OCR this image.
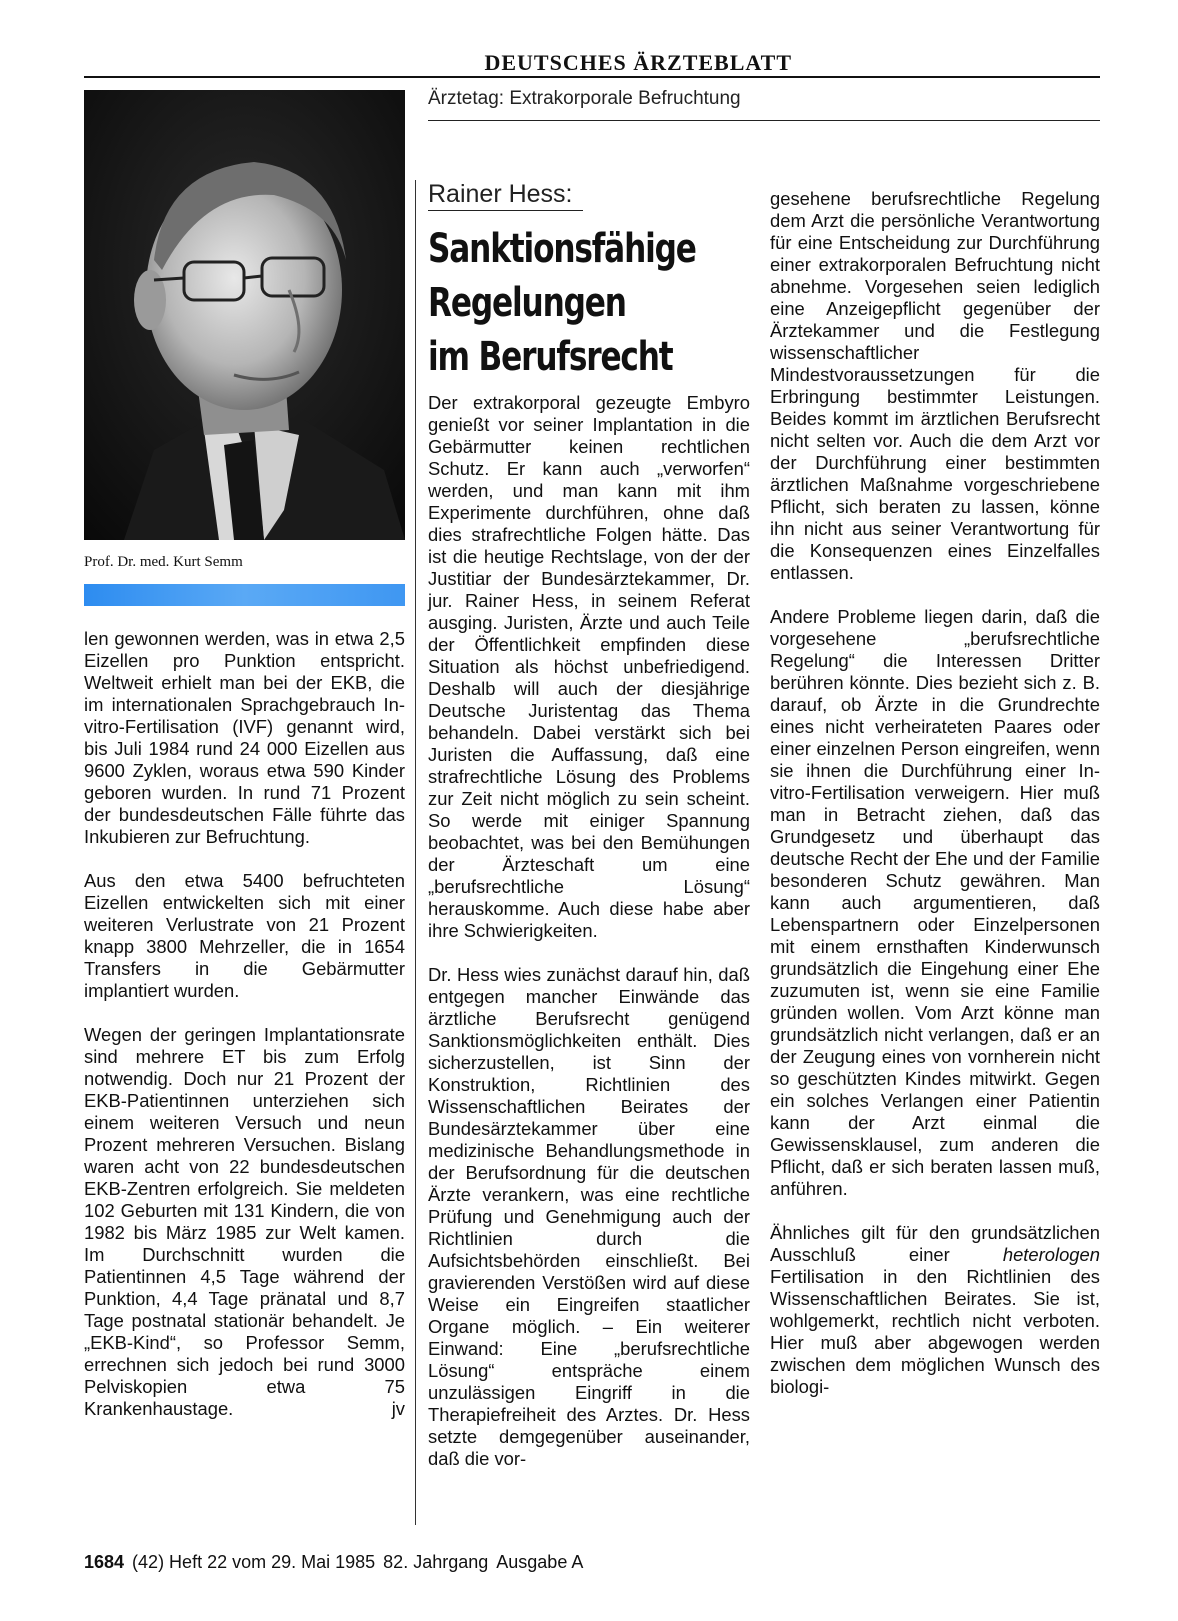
DEUTSCHES ÄRZTEBLATT
Ärztetag: Extrakorporale Befruchtung
Prof. Dr. med. Kurt Semm

len gewonnen werden, was in etwa 2,5 Eizellen pro Punktion entspricht. Weltweit erhielt man bei der EKB, die im internationalen Sprachgebrauch In-vitro-Fertilisation (IVF) genannt wird, bis Juli 1984 rund 24 000 Eizellen aus 9600 Zyklen, woraus etwa 590 Kinder geboren wurden. In rund 71 Prozent der bundesdeutschen Fälle führte das Inkubieren zur Befruchtung.

Aus den etwa 5400 befruchteten Eizellen entwickelten sich mit einer weiteren Verlustrate von 21 Prozent knapp 3800 Mehrzeller, die in 1654 Transfers in die Gebärmutter implantiert wurden.

Wegen der geringen Implantationsrate sind mehrere ET bis zum Erfolg notwendig. Doch nur 21 Prozent der EKB-Patientinnen unterziehen sich einem weiteren Versuch und neun Prozent mehreren Versuchen. Bislang waren acht von 22 bundesdeutschen EKB-Zentren erfolgreich. Sie meldeten 102 Geburten mit 131 Kindern, die von 1982 bis März 1985 zur Welt kamen. Im Durchschnitt wurden die Patientinnen 4,5 Tage während der Punktion, 4,4 Tage pränatal und 8,7 Tage postnatal stationär behandelt. Je „EKB-Kind“, so Professor Semm, errechnen sich jedoch bei rund 3000 Pelviskopien etwa 75 Krankenhaustage.	jv

Rainer Hess:
Sanktionsfähige
Regelungen
im Berufsrecht

Der extrakorporal gezeugte Embyro genießt vor seiner Implantation in die Gebärmutter keinen rechtlichen Schutz. Er kann auch „verworfen“ werden, und man kann mit ihm Experimente durchführen, ohne daß dies strafrechtliche Folgen hätte. Das ist die heutige Rechtslage, von der der Justitiar der Bundesärztekammer, Dr. jur. Rainer Hess, in seinem Referat ausging. Juristen, Ärzte und auch Teile der Öffentlichkeit empfinden diese Situation als höchst unbefriedigend. Deshalb will auch der diesjährige Deutsche Juristentag das Thema behandeln. Dabei verstärkt sich bei Juristen die Auffassung, daß eine strafrechtliche Lösung des Problems zur Zeit nicht möglich zu sein scheint. So werde mit einiger Spannung beobachtet, was bei den Bemühungen der Ärzteschaft um eine „berufsrechtliche Lösung“ herauskomme. Auch diese habe aber ihre Schwierigkeiten.

Dr. Hess wies zunächst darauf hin, daß entgegen mancher Einwände das ärztliche Berufsrecht genügend Sanktionsmöglichkeiten enthält. Dies sicherzustellen, ist Sinn der Konstruktion, Richtlinien des Wissenschaftlichen Beirates der Bundesärztekammer über eine medizinische Behandlungsmethode in der Berufsordnung für die deutschen Ärzte verankern, was eine rechtliche Prüfung und Genehmigung auch der Richtlinien durch die Aufsichtsbehörden einschließt. Bei gravierenden Verstößen wird auf diese Weise ein Eingreifen staatlicher Organe möglich. – Ein weiterer Einwand: Eine „berufsrechtliche Lösung“ entspräche einem unzulässigen Eingriff in die Therapiefreiheit des Arztes. Dr. Hess setzte demgegenüber auseinander, daß die vor-

gesehene berufsrechtliche Regelung dem Arzt die persönliche Verantwortung für eine Entscheidung zur Durchführung einer extrakorporalen Befruchtung nicht abnehme. Vorgesehen seien lediglich eine Anzeigepflicht gegenüber der Ärztekammer und die Festlegung wissenschaftlicher Mindestvoraussetzungen für die Erbringung bestimmter Leistungen. Beides kommt im ärztlichen Berufsrecht nicht selten vor. Auch die dem Arzt vor der Durchführung einer bestimmten ärztlichen Maßnahme vorgeschriebene Pflicht, sich beraten zu lassen, könne ihn nicht aus seiner Verantwortung für die Konsequenzen eines Einzelfalles entlassen.

Andere Probleme liegen darin, daß die vorgesehene „berufsrechtliche Regelung“ die Interessen Dritter berühren könnte. Dies bezieht sich z. B. darauf, ob Ärzte in die Grundrechte eines nicht verheirateten Paares oder einer einzelnen Person eingreifen, wenn sie ihnen die Durchführung einer In-vitro-Fertilisation verweigern. Hier muß man in Betracht ziehen, daß das Grundgesetz und überhaupt das deutsche Recht der Ehe und der Familie besonderen Schutz gewähren. Man kann auch argumentieren, daß Lebenspartnern oder Einzelpersonen mit einem ernsthaften Kinderwunsch grundsätzlich die Eingehung einer Ehe zuzumuten ist, wenn sie eine Familie gründen wollen. Vom Arzt könne man grundsätzlich nicht verlangen, daß er an der Zeugung eines von vornherein nicht so geschützten Kindes mitwirkt. Gegen ein solches Verlangen einer Patientin kann der Arzt einmal die Gewissensklausel, zum anderen die Pflicht, daß er sich beraten lassen muß, anführen.

Ähnliches gilt für den grundsätzlichen Ausschluß einer heterologen Fertilisation in den Richtlinien des Wissenschaftlichen Beirates. Sie ist, wohlgemerkt, rechtlich nicht verboten. Hier muß aber abgewogen werden zwischen dem möglichen Wunsch des biologi-

1684 (42) Heft 22 vom 29. Mai 1985 82. Jahrgang Ausgabe A
